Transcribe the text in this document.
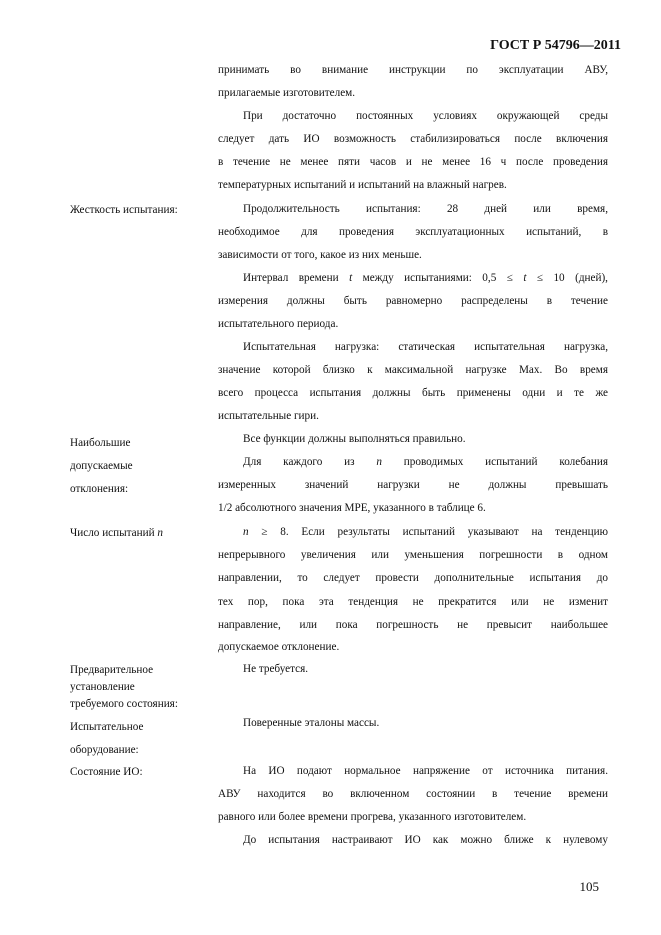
ГОСТ Р 54796—2011
принимать во внимание инструкции по эксплуатации АВУ,
прилагаемые изготовителем.
При достаточно постоянных условиях окружающей среды
следует дать ИО возможность стабилизироваться после включения
в течение не менее пяти часов и не менее 16 ч после проведения
температурных испытаний и испытаний на влажный нагрев.
Жесткость испытания:	Продолжительность испытания: 28 дней или время,
необходимое для проведения эксплуатационных испытаний, в
зависимости от того, какое из них меньше.
Интервал времени t между испытаниями: 0,5 ≤ t ≤ 10 (дней),
измерения должны быть равномерно распределены в течение
испытательного периода.
Испытательная нагрузка: статическая испытательная нагрузка,
значение которой близко к максимальной нагрузке Max. Во время
всего процесса испытания должны быть применены одни и те же
испытательные гири.
Наибольшие
допускаемые
отклонения:
Все функции должны выполняться правильно.
Для каждого из n проводимых испытаний колебания
измеренных значений нагрузки не должны превышать
1/2 абсолютного значения МРЕ, указанного в таблице 6.
Число испытаний n	n ≥ 8. Если результаты испытаний указывают на тенденцию
непрерывного увеличения или уменьшения погрешности в одном
направлении, то следует провести дополнительные испытания до
тех пор, пока эта тенденция не прекратится или не изменит
направление, или пока погрешность не превысит наибольшее
допускаемое отклонение.
Предварительное
установление
требуемого состояния:
Не требуется.
Испытательное
оборудование:
Поверенные эталоны массы.
Состояние ИО:	На ИО подают нормальное напряжение от источника питания.
АВУ находится во включенном состоянии в течение времени
равного или более времени прогрева, указанного изготовителем.
До испытания настраивают ИО как можно ближе к нулевому
105
